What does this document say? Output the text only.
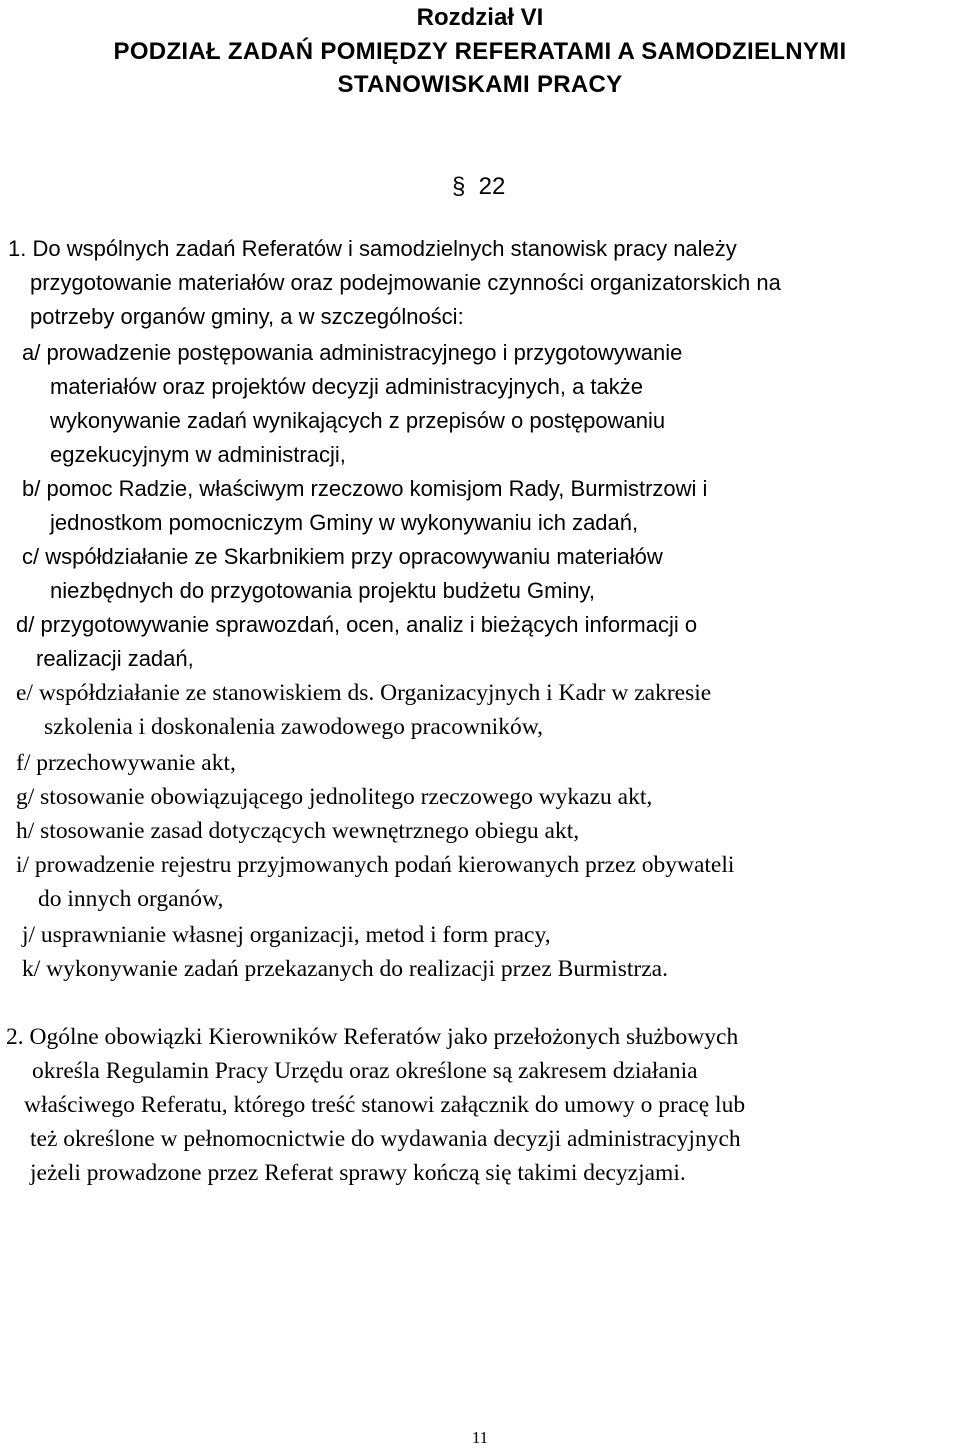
Rozdział VI
PODZIAŁ ZADAŃ POMIĘDZY REFERATAMI A SAMODZIELNYMI
STANOWISKAMI PRACY
§  22
1. Do wspólnych zadań Referatów i samodzielnych stanowisk pracy należy
przygotowanie materiałów oraz podejmowanie czynności organizatorskich na
potrzeby organów gminy, a w szczególności:
a/ prowadzenie postępowania administracyjnego i przygotowywanie
materiałów oraz projektów decyzji administracyjnych, a także
wykonywanie zadań wynikających z przepisów o postępowaniu
egzekucyjnym w administracji,
b/ pomoc Radzie, właściwym rzeczowo komisjom Rady, Burmistrzowi i
jednostkom pomocniczym Gminy w wykonywaniu ich zadań,
c/ współdziałanie ze Skarbnikiem przy opracowywaniu materiałów
niezbędnych do przygotowania projektu budżetu Gminy,
d/ przygotowywanie sprawozdań, ocen, analiz i bieżących informacji o
realizacji zadań,
e/ współdziałanie ze stanowiskiem ds. Organizacyjnych i Kadr w zakresie
szkolenia i doskonalenia zawodowego pracowników,
f/ przechowywanie akt,
g/ stosowanie obowiązującego jednolitego rzeczowego wykazu akt,
h/ stosowanie zasad dotyczących wewnętrznego obiegu akt,
i/ prowadzenie rejestru przyjmowanych podań kierowanych przez obywateli
do innych organów,
j/ usprawnianie własnej organizacji, metod i form pracy,
k/ wykonywanie zadań przekazanych do realizacji przez Burmistrza.
2. Ogólne obowiązki Kierowników Referatów jako przełożonych służbowych
określa Regulamin Pracy Urzędu oraz określone są zakresem działania
właściwego Referatu, którego treść stanowi załącznik do umowy o pracę lub
też określone w pełnomocnictwie do wydawania decyzji administracyjnych
jeżeli prowadzone przez Referat sprawy kończą się takimi decyzjami.
11
